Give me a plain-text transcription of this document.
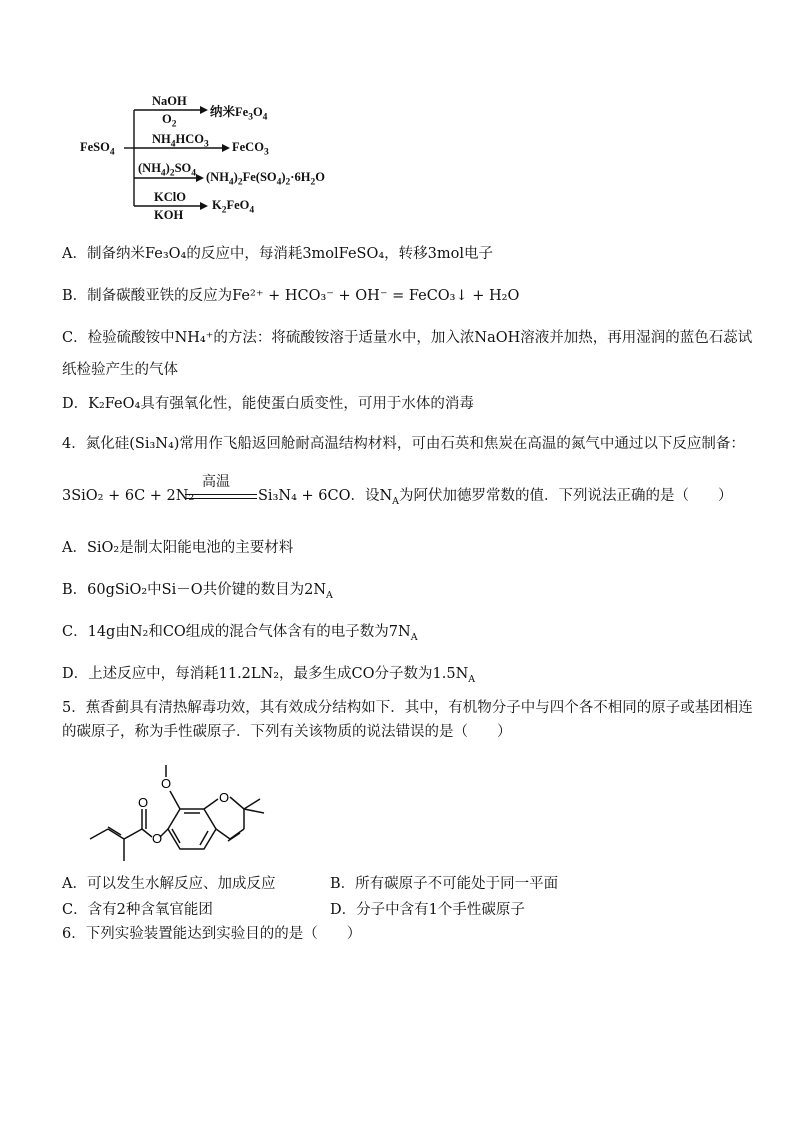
FeSO$_4$
NaOH
$O_2$
纳米$Fe_3O_4$
$NH_4HCO_3$ FeCO$_3$
$(NH_4)_2SO_4$ $(NH_4)_2Fe(SO_4)_2\cdot 6H_2O$
KClO
KOH
$K_2FeO_4$
A．制备纳米Fe₃O₄的反应中，每消耗3molFeSO₄，转移3mol电子
B．制备碳酸亚铁的反应为Fe²⁺ + HCO₃⁻ + OH⁻ = FeCO₃↓ + H₂O
C．检验硫酸铵中NH₄⁺的方法：将硫酸铵溶于适量水中，加入浓NaOH溶液并加热，再用湿润的蓝色石蕊试
纸检验产生的气体
D．K₂FeO₄具有强氧化性，能使蛋白质变性，可用于水体的消毒
4．氮化硅(Si₃N₄)常用作飞船返回舱耐高温结构材料，可由石英和焦炭在高温的氮气中通过以下反应制备：
3SiO₂ + 6C + 2N₂
高温
Si₃N₄ + 6CO．设$N_A$为阿伏加德罗常数的值．下列说法正确的是（　　）
A．SiO₂是制太阳能电池的主要材料
B．60gSiO₂中Si－O共价键的数目为$2N_A$
C．14g由N₂和CO组成的混合气体含有的电子数为$7N_A$
D．上述反应中，每消耗11.2LN₂，最多生成CO分子数为$1.5N_A$
5．蕉香蓟具有清热解毒功效，其有效成分结构如下．其中，有机物分子中与四个各不相同的原子或基团相连
的碳原子，称为手性碳原子．下列有关该物质的说法错误的是（　　）
O
O
O
O
A．可以发生水解反应、加成反应	B．所有碳原子不可能处于同一平面
C．含有2种含氧官能团	D．分子中含有1个手性碳原子
6．下列实验装置能达到实验目的的是（　　）
